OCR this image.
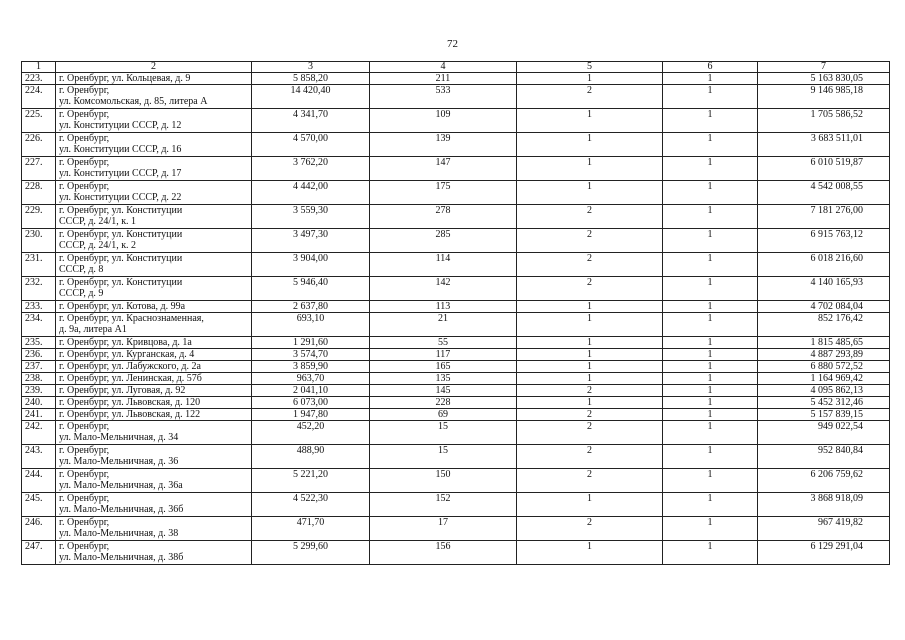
72
1	2	3	4	5	6	7
223.	г. Оренбург, ул. Кольцевая, д. 9	5 858,20	211	1	1	5 163 830,05
224.	г. Оренбург,
ул. Комсомольская, д. 85, литера А	14 420,40	533	2	1	9 146 985,18
225.	г. Оренбург,
ул. Конституции СССР, д. 12	4 341,70	109	1	1	1 705 586,52
226.	г. Оренбург,
ул. Конституции СССР, д. 16	4 570,00	139	1	1	3 683 511,01
227.	г. Оренбург,
ул. Конституции СССР, д. 17	3 762,20	147	1	1	6 010 519,87
228.	г. Оренбург,
ул. Конституции СССР, д. 22	4 442,00	175	1	1	4 542 008,55
229.	г. Оренбург, ул. Конституции
СССР, д. 24/1, к. 1	3 559,30	278	2	1	7 181 276,00
230.	г. Оренбург, ул. Конституции
СССР, д. 24/1, к. 2	3 497,30	285	2	1	6 915 763,12
231.	г. Оренбург, ул. Конституции
СССР, д. 8	3 904,00	114	2	1	6 018 216,60
232.	г. Оренбург, ул. Конституции
СССР, д. 9	5 946,40	142	2	1	4 140 165,93
233.	г. Оренбург, ул. Котова, д. 99а	2 637,80	113	1	1	4 702 084,04
234.	г. Оренбург, ул. Краснознаменная,
д. 9а, литера А1	693,10	21	1	1	852 176,42
235.	г. Оренбург, ул. Кривцова, д. 1а	1 291,60	55	1	1	1 815 485,65
236.	г. Оренбург, ул. Курганская, д. 4	3 574,70	117	1	1	4 887 293,89
237.	г. Оренбург, ул. Лабужского, д. 2а	3 859,90	165	1	1	6 880 572,52
238.	г. Оренбург, ул. Ленинская, д. 57б	963,70	135	1	1	1 164 969,42
239.	г. Оренбург, ул. Луговая, д. 92	2 041,10	145	2	1	4 095 862,13
240.	г. Оренбург, ул. Львовская, д. 120	6 073,00	228	1	1	5 452 312,46
241.	г. Оренбург, ул. Львовская, д. 122	1 947,80	69	2	1	5 157 839,15
242.	г. Оренбург,
ул. Мало-Мельничная, д. 34	452,20	15	2	1	949 022,54
243.	г. Оренбург,
ул. Мало-Мельничная, д. 36	488,90	15	2	1	952 840,84
244.	г. Оренбург,
ул. Мало-Мельничная, д. 36а	5 221,20	150	2	1	6 206 759,62
245.	г. Оренбург,
ул. Мало-Мельничная, д. 36б	4 522,30	152	1	1	3 868 918,09
246.	г. Оренбург,
ул. Мало-Мельничная, д. 38	471,70	17	2	1	967 419,82
247.	г. Оренбург,
ул. Мало-Мельничная, д. 38б	5 299,60	156	1	1	6 129 291,04
